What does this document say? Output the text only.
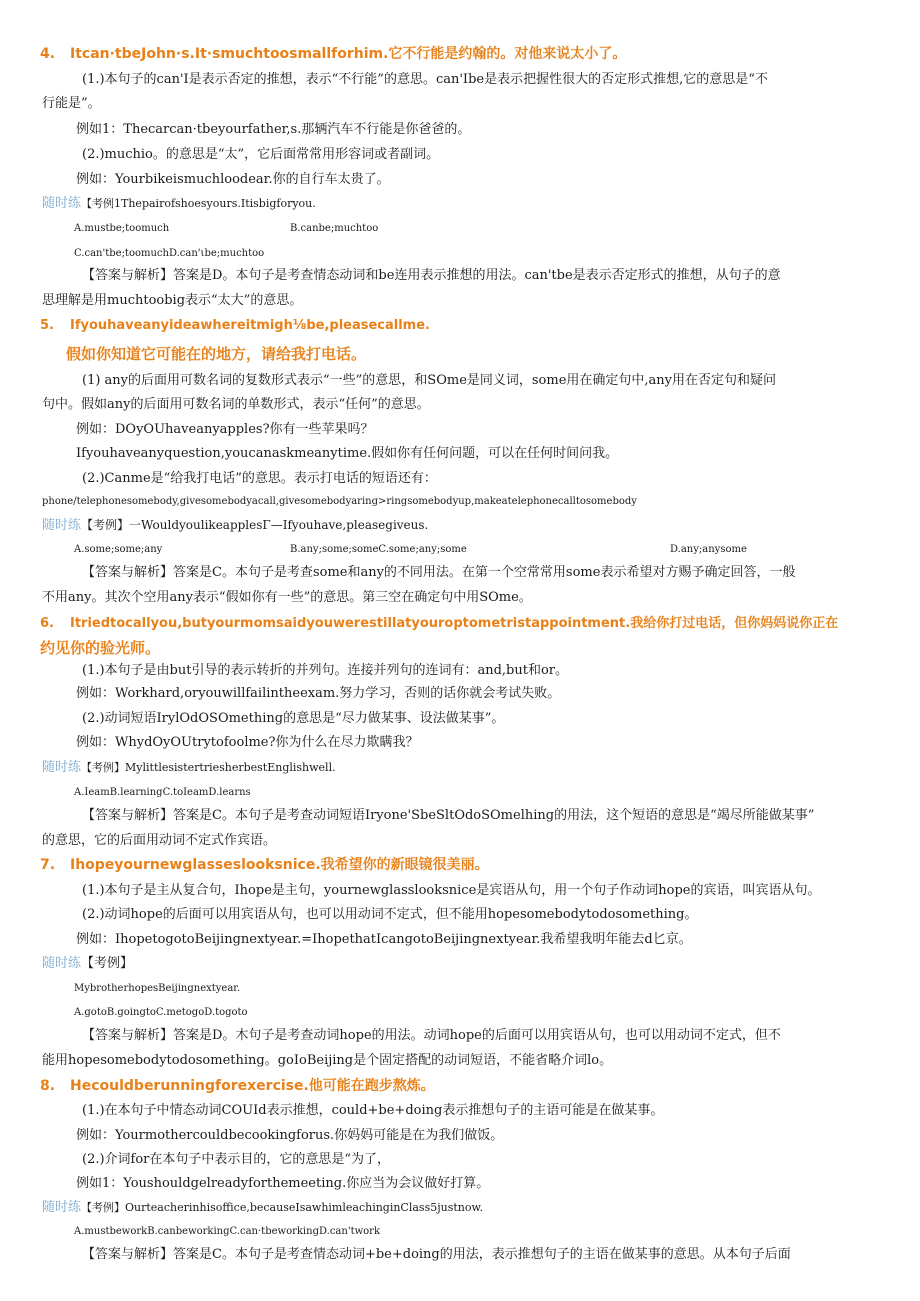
4. Itcan·tbeJohn·s.It·smuchtoosmallforhim.它不行能是约翰的。对他来说太小了。
(1.)本句子的can'I是表示否定的推想，表示“不行能”的意思。can'Ibe是表示把握性很大的否定形式推想,它的意思是“不
行能是”。
例如1：Thecarcan·tbeyourfather,s.那辆汽车不行能是你爸爸的。
(2.)muchio。的意思是“太”，它后面常常用形容词或者副词。
例如：Yourbikeismuchloodear.你的自行车太贵了。
随时练【考例1Thepairofshoesyours.Itisbigforyou.
A.mustbe;toomuch	B.canbe;muchtoo
C.can'tbe;toomuchD.can'ιbe;muchtoo
【答案与解析】答案是D。本句子是考查情态动词和be连用表示推想的用法。can'tbe是表示否定形式的推想，从句子的意
思理解是用muchtoobig表示“太大”的意思。
5. Ifyouhaveanyideawhereitmigh⅛be,pleasecallme.
假如你知道它可能在的地方，请给我打电话。
(1) any的后面用可数名词的复数形式表示“一些”的意思，和SOme是同义词，some用在确定句中,any用在否定句和疑问
句中。假如any的后面用可数名词的单数形式，表示“任何”的意思。
例如：DOyOUhaveanyapples?你有一些苹果吗？
Ifyouhaveanyquestion,youcanaskmeanytime.假如你有任何问题，可以在任何时间问我。
(2.)Canme是“给我打电话”的意思。表示打电话的短语还有：
phone/telephonesomebody,givesomebodyacall,givesomebodyaring>ringsomebodyup,makeatelephonecalltosomebody
随时练【考例】一WouldyoulikeapplesΓ—Ifyouhave,pleasegiveus.
A.some;some;any	B.any;some;someC.some;any;some	D.any;anysome
【答案与解析】答案是C。本句子是考查some和any的不同用法。在第一个空常常用some表示希望对方赐予确定回答，一般
不用any。其次个空用any表示“假如你有一些”的意思。第三空在确定句中用SOme。
6. Itriedtocallyou,butyourmomsaidyouwerestillatyouroptometristappointment.我给你打过电话，但你妈妈说你正在
约见你的验光师。
(1.)本句子是由but引导的表示转折的并列句。连接并列句的连词有：and,but和or。
例如：Workhard,oryouwillfailintheexam.努力学习，否则的话你就会考试失败。
(2.)动词短语IrylOdOSOmething的意思是“尽力做某事、设法做某事”。
例如：WhydOyOUtrytofoolme?你为什么在尽力欺瞒我？
随时练【考例】MylittlesistertriesherbestEnglishwell.
A.IeamB.learningC.toIeamD.learns
【答案与解析】答案是C。本句子是考查动词短语Iryone'SbeSltOdoSOmelhing的用法，这个短语的意思是“竭尽所能做某事”
的意思，它的后面用动词不定式作宾语。
7. Ihopeyournewglasseslooksnice.我希望你的新眼镜很美丽。
(1.)本句子是主从复合句，Ihope是主句，yournewglasslooksnice是宾语从句，用一个句子作动词hope的宾语，叫宾语从句。
(2.)动词hope的后面可以用宾语从句，也可以用动词不定式，但不能用hopesomebodytodosomething。
例如：IhopetogotoBeijingnextyear.=IhopethatIcangotoBeijingnextyear.我希望我明年能去d匕京。
随时练【考例】
MybrotherhopesBeijingnextyear.
A.gotoB.goingtoC.metogoD.togoto
【答案与解析】答案是D。木句子是考查动词hope的用法。动词hope的后面可以用宾语从句，也可以用动词不定式，但不
能用hopesomebodytodosomething。goIoBeijing是个固定搭配的动词短语，不能省略介词lo。
8. Hecouldberunningforexercise.他可能在跑步熬炼。
(1.)在本句子中情态动词COUId表示推想，could+be+doing表示推想句子的主语可能是在做某事。
例如：Yourmothercouldbecookingforus.你妈妈可能是在为我们做饭。
(2.)介词for在本句子中表示目的，它的意思是“为了，
例如1：Youshouldgelreadyforthemeeting.你应当为会议做好打算。
随时练【考例】Ourteacherinhisoffice,becauseIsawhimleachinginClass5justnow.
A.mustbeworkB.canbeworkingC.can·tbeworkingD.can'twork
【答案与解析】答案是C。本句子是考查情态动词+be+doing的用法，表示推想句子的主语在做某事的意思。从本句子后面
